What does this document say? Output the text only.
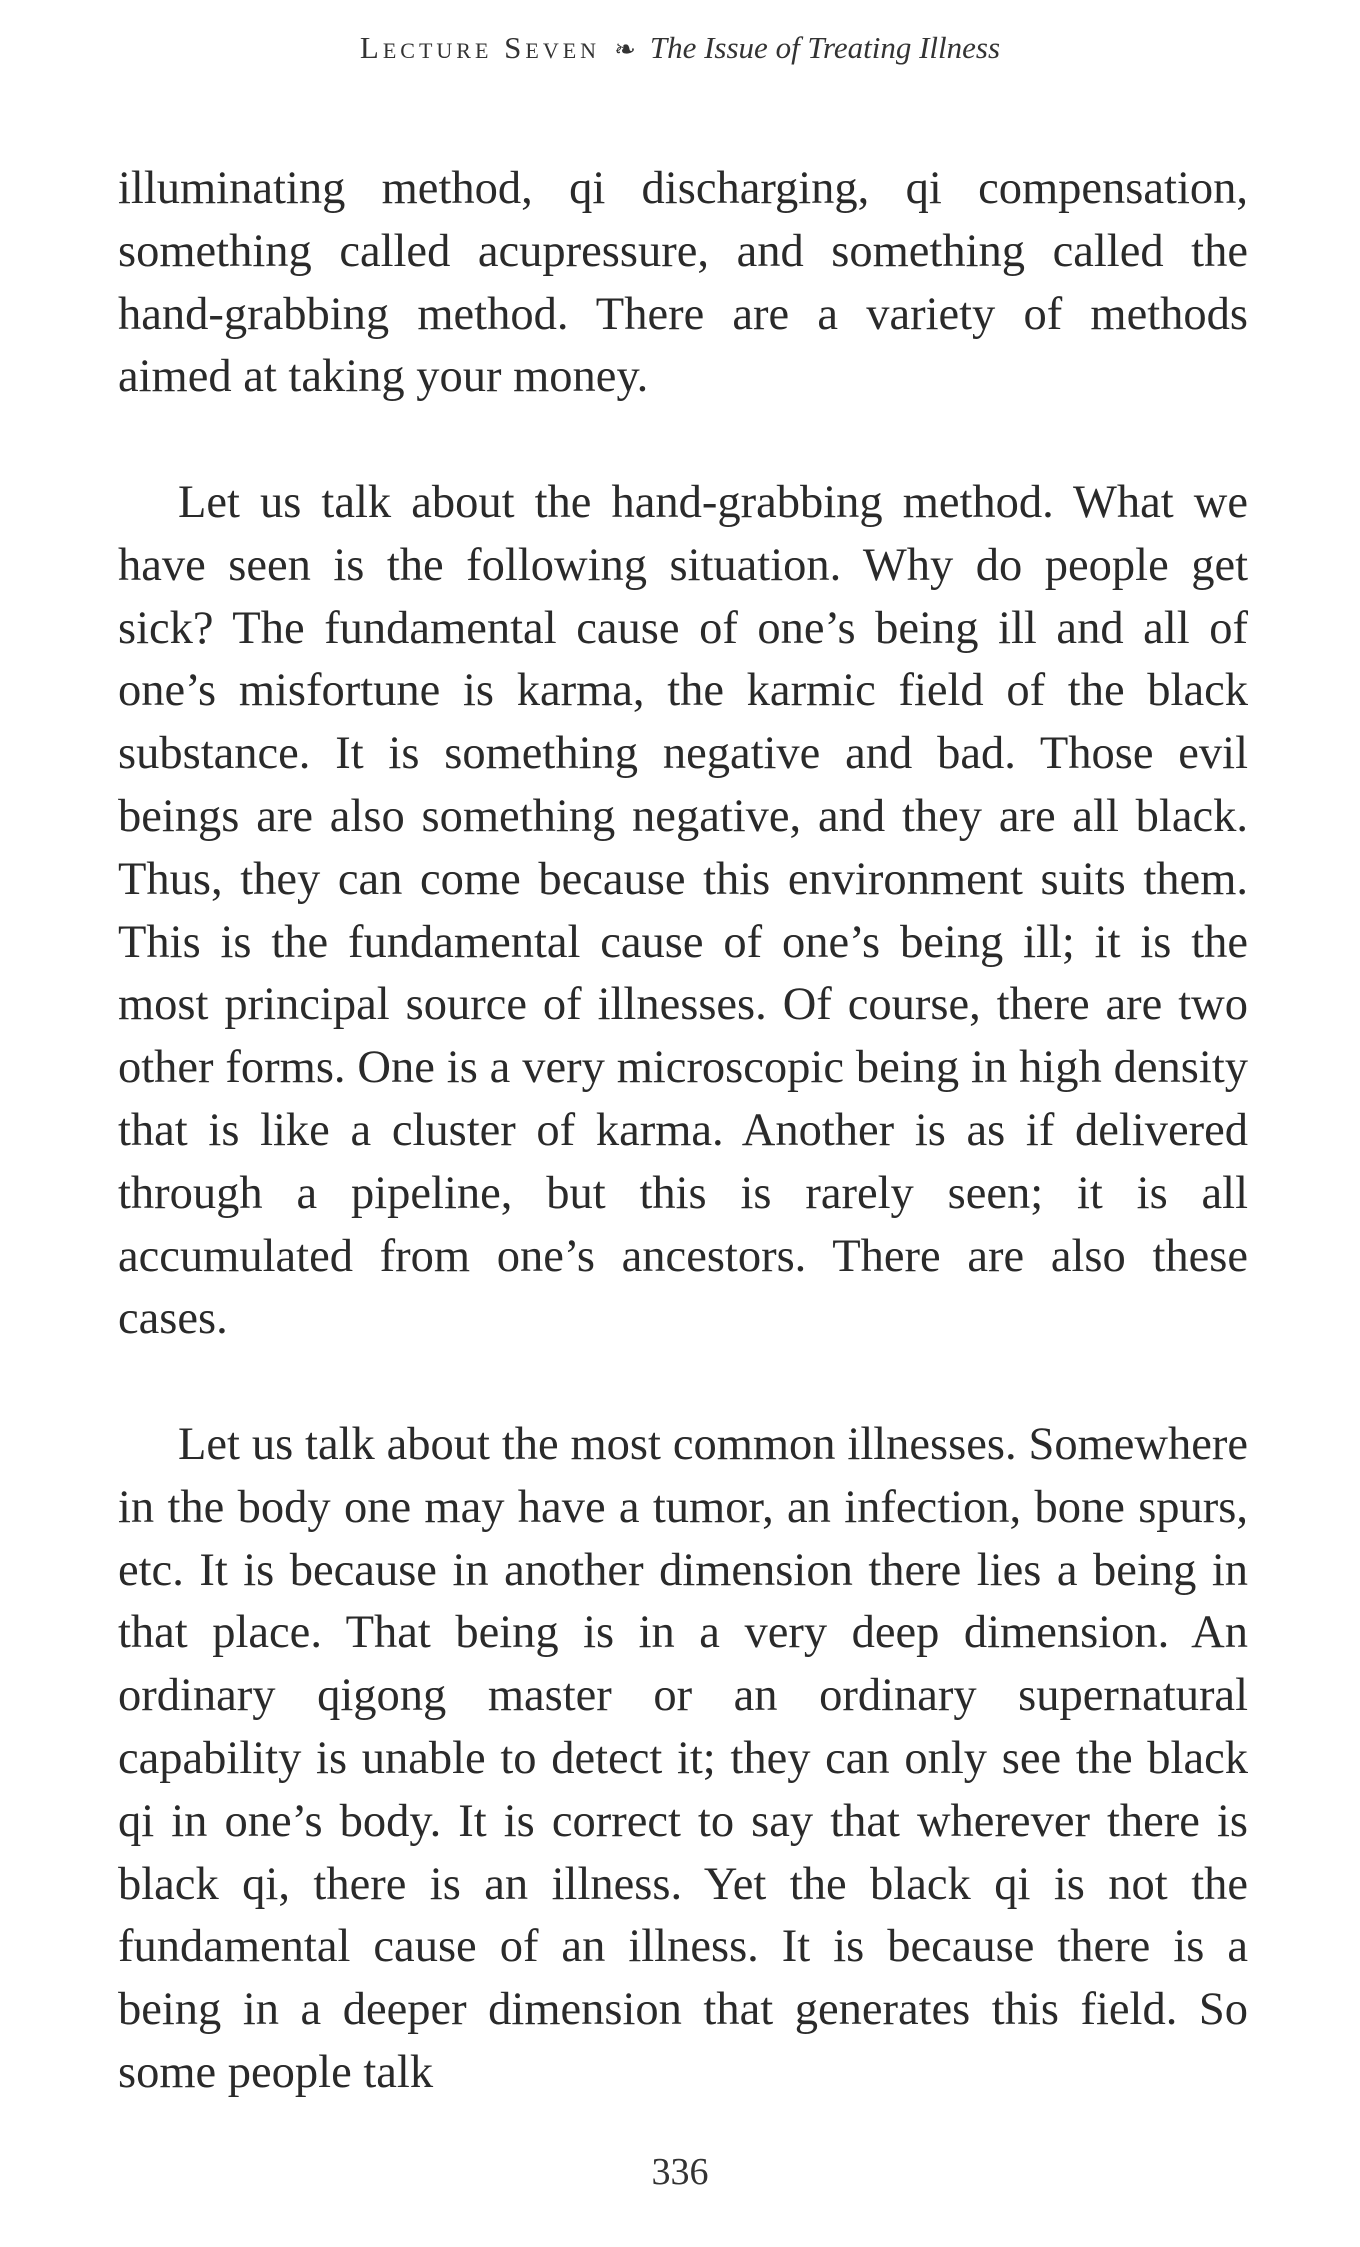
Lecture Seven ❧ The Issue of Treating Illness

illuminating method, qi discharging, qi compensation, something called acupressure, and something called the hand-grabbing method. There are a variety of methods aimed at taking your money.

Let us talk about the hand-grabbing method. What we have seen is the following situation. Why do people get sick? The fundamental cause of one’s being ill and all of one’s misfortune is karma, the karmic field of the black substance. It is something negative and bad. Those evil beings are also something negative, and they are all black. Thus, they can come because this environment suits them. This is the fundamental cause of one’s being ill; it is the most principal source of illnesses. Of course, there are two other forms. One is a very microscopic being in high density that is like a cluster of karma. Another is as if delivered through a pipeline, but this is rarely seen; it is all accumulated from one’s ancestors. There are also these cases.

Let us talk about the most common illnesses. Somewhere in the body one may have a tumor, an infection, bone spurs, etc. It is because in another dimension there lies a being in that place. That being is in a very deep dimension. An ordinary qigong master or an ordinary supernatural capability is unable to detect it; they can only see the black qi in one’s body. It is correct to say that wherever there is black qi, there is an illness. Yet the black qi is not the fundamental cause of an illness. It is because there is a being in a deeper dimension that generates this field. So some people talk

336
